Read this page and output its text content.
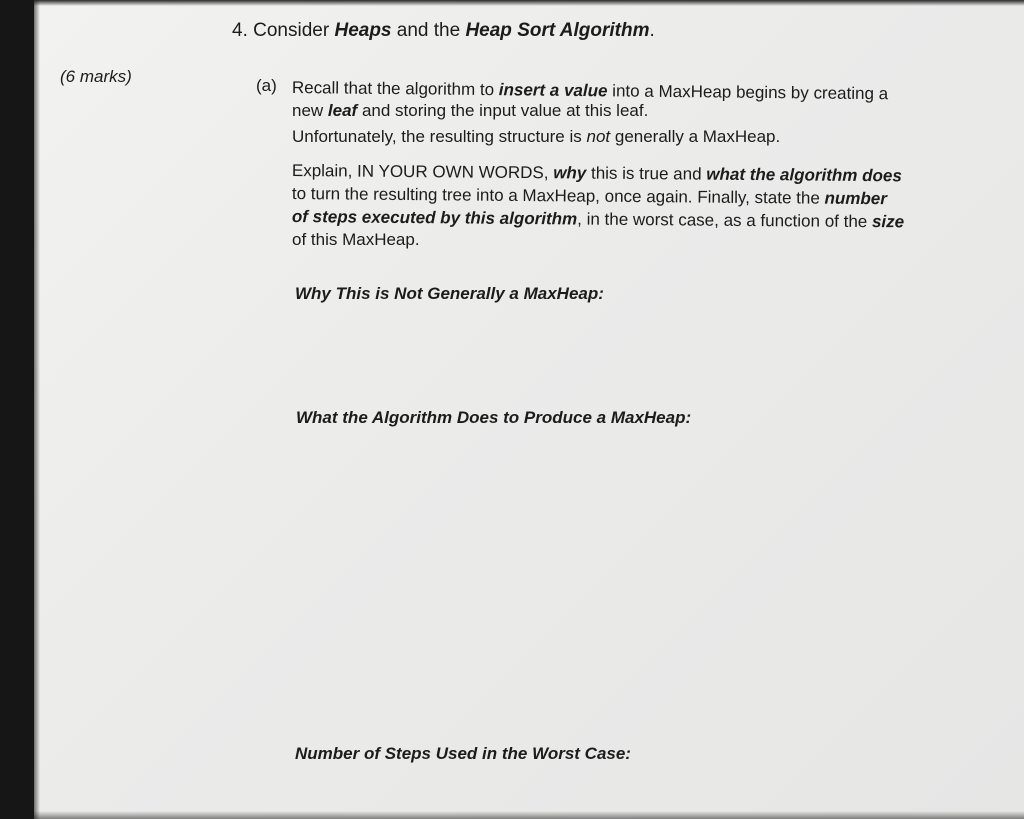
4. Consider Heaps and the Heap Sort Algorithm.
(6 marks)	(a) Recall that the algorithm to insert a value into a MaxHeap begins by creating a
new leaf and storing the input value at this leaf.
Unfortunately, the resulting structure is not generally a MaxHeap.
Explain, IN YOUR OWN WORDS, why this is true and what the algorithm does
to turn the resulting tree into a MaxHeap, once again. Finally, state the number
of steps executed by this algorithm, in the worst case, as a function of the size
of this MaxHeap.
Why This is Not Generally a MaxHeap:
What the Algorithm Does to Produce a MaxHeap:
Number of Steps Used in the Worst Case:
